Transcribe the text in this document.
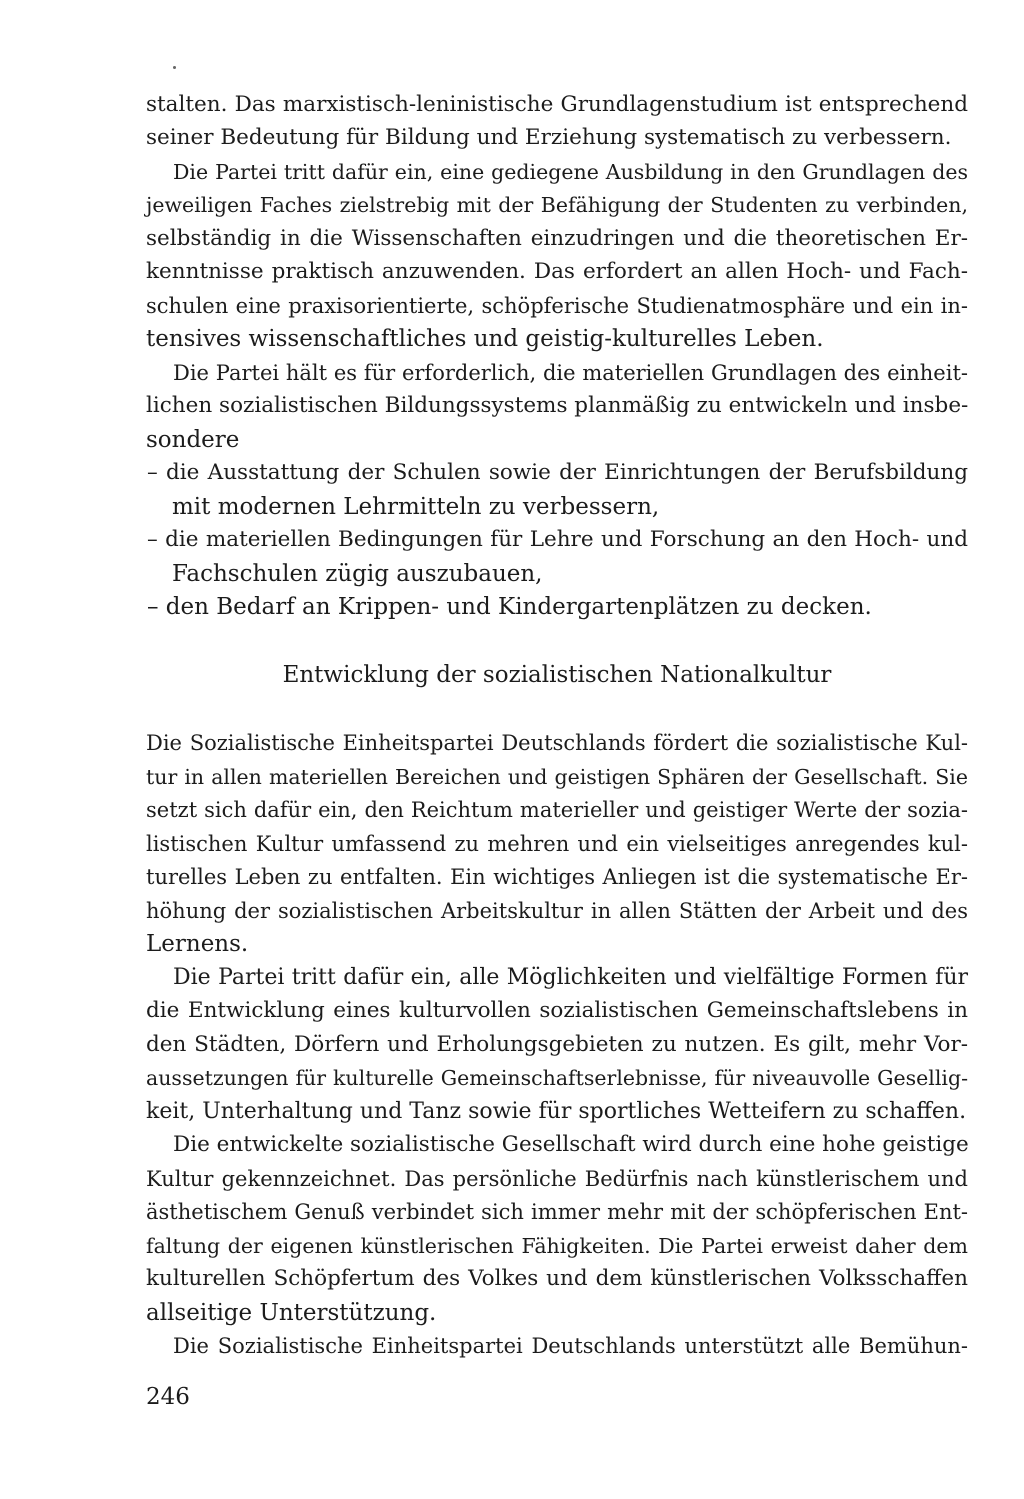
stalten. Das marxistisch-leninistische Grundlagenstudium ist entsprechend
seiner Bedeutung für Bildung und Erziehung systematisch zu verbessern.
Die Partei tritt dafür ein, eine gediegene Ausbildung in den Grundlagen des
jeweiligen Faches zielstrebig mit der Befähigung der Studenten zu verbinden,
selbständig in die Wissenschaften einzudringen und die theoretischen Er-
kenntnisse praktisch anzuwenden. Das erfordert an allen Hoch- und Fach-
schulen eine praxisorientierte, schöpferische Studienatmosphäre und ein in-
tensives wissenschaftliches und geistig-kulturelles Leben.
Die Partei hält es für erforderlich, die materiellen Grundlagen des einheit-
lichen sozialistischen Bildungssystems planmäßig zu entwickeln und insbe-
sondere
– die Ausstattung der Schulen sowie der Einrichtungen der Berufsbildung
mit modernen Lehrmitteln zu verbessern,
– die materiellen Bedingungen für Lehre und Forschung an den Hoch- und
Fachschulen zügig auszubauen,
– den Bedarf an Krippen- und Kindergartenplätzen zu decken.
Entwicklung der sozialistischen Nationalkultur
Die Sozialistische Einheitspartei Deutschlands fördert die sozialistische Kul-
tur in allen materiellen Bereichen und geistigen Sphären der Gesellschaft. Sie
setzt sich dafür ein, den Reichtum materieller und geistiger Werte der sozia-
listischen Kultur umfassend zu mehren und ein vielseitiges anregendes kul-
turelles Leben zu entfalten. Ein wichtiges Anliegen ist die systematische Er-
höhung der sozialistischen Arbeitskultur in allen Stätten der Arbeit und des
Lernens.
Die Partei tritt dafür ein, alle Möglichkeiten und vielfältige Formen für
die Entwicklung eines kulturvollen sozialistischen Gemeinschaftslebens in
den Städten, Dörfern und Erholungsgebieten zu nutzen. Es gilt, mehr Vor-
aussetzungen für kulturelle Gemeinschaftserlebnisse, für niveauvolle Gesellig-
keit, Unterhaltung und Tanz sowie für sportliches Wetteifern zu schaffen.
Die entwickelte sozialistische Gesellschaft wird durch eine hohe geistige
Kultur gekennzeichnet. Das persönliche Bedürfnis nach künstlerischem und
ästhetischem Genuß verbindet sich immer mehr mit der schöpferischen Ent-
faltung der eigenen künstlerischen Fähigkeiten. Die Partei erweist daher dem
kulturellen Schöpfertum des Volkes und dem künstlerischen Volksschaffen
allseitige Unterstützung.
Die Sozialistische Einheitspartei Deutschlands unterstützt alle Bemühun-
246
